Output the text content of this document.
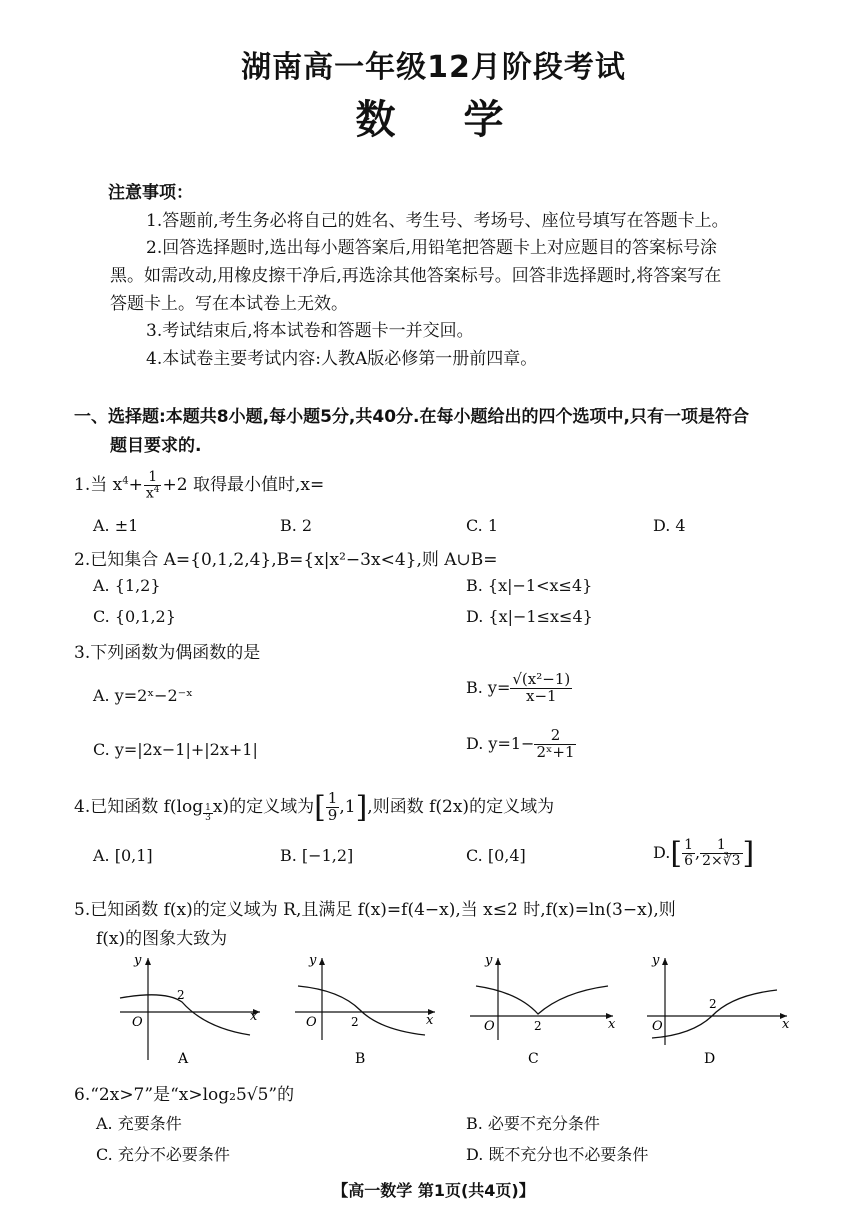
湖南高一年级12月阶段考试
数学
注意事项：
1.答题前,考生务必将自己的姓名、考生号、考场号、座位号填写在答题卡上。
2.回答选择题时,选出每小题答案后,用铅笔把答题卡上对应题目的答案标号涂
黑。如需改动,用橡皮擦干净后,再选涂其他答案标号。回答非选择题时,将答案写在
答题卡上。写在本试卷上无效。
3.考试结束后,将本试卷和答题卡一并交回。
4.本试卷主要考试内容:人教A版必修第一册前四章。
一、选择题:本题共8小题,每小题5分,共40分.在每小题给出的四个选项中,只有一项是符合
题目要求的.
1.当 $x^4+ \frac{1}{x^4} +2$ 取得最小值时,x=
A. ±1	B. 2	C. 1	D. 4
2.已知集合 A={0,1,2,4},B={x|x²−3x<4},则 A∪B=
A. {1,2}	B. {x|−1<x≤4}
C. {0,1,2}	D. {x|−1≤x≤4}
3.下列函数为偶函数的是
A. y=2ˣ−2⁻ˣ	B. $y= \frac{\text{√(x²−1)}}{x-1}$
C. y=|2x−1|+|2x+1|	D. $y=1- \frac{2}{\text{2ˣ+1}}$
4.已知函数 f(log $_{\frac{1}{3}}$ x)的定义域为[ $\frac{1}{9} ,1$],则函数 f(2x)的定义域为
A. [0,1]	B. [−1,2]	C. [0,4]	$D.[ \frac{1}{6}$ , $\frac{1}{2\times∛3}$ ]
5.已知函数 f(x)的定义域为 R,且满足 f(x)=f(4−x),当 x≤2 时,f(x)=ln(3−x),则
f(x)的图象大致为
x
y
O
2
A
x
y
O	2
B
x
y
O	2
C
x
y
O
2
D
6.“2x>7”是“x>log₂5√5”的
A. 充要条件	B. 必要不充分条件
C. 充分不必要条件	D. 既不充分也不必要条件
【高一数学 第1页(共4页)】
